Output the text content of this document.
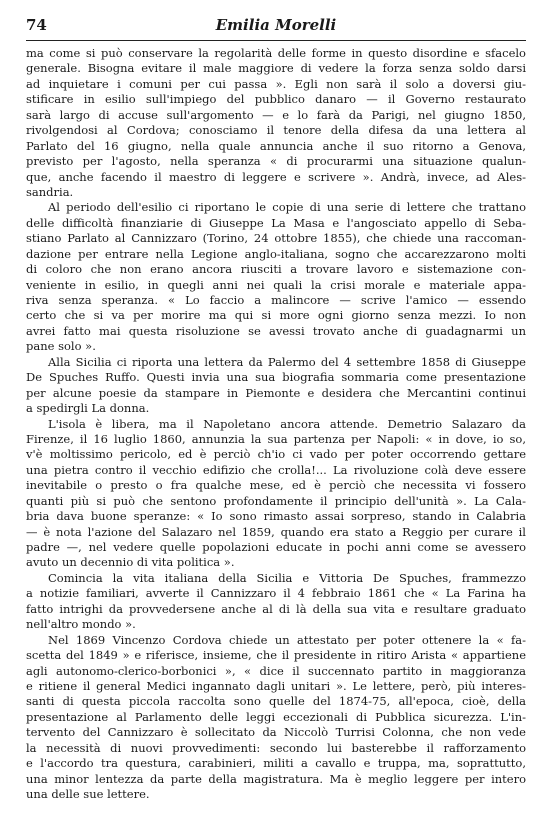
74	Emilia Morelli
ma come si può conservare la regolarità delle forme in questo disordine e sfacelo
generale. Bisogna evitare il male maggiore di vedere la forza senza soldo darsi
ad inquietare i comuni per cui passa ». Egli non sarà il solo a doversi giu-
stificare in esilio sull'impiego del pubblico danaro — il Governo restaurato
sarà largo di accuse sull'argomento — e lo farà da Parigi, nel giugno 1850,
rivolgendosi al Cordova; conosciamo il tenore della difesa da una lettera al
Parlato del 16 giugno, nella quale annuncia anche il suo ritorno a Genova,
previsto per l'agosto, nella speranza « di procurarmi una situazione qualun-
que, anche facendo il maestro di leggere e scrivere ». Andrà, invece, ad Ales-
sandria.
Al periodo dell'esilio ci riportano le copie di una serie di lettere che trattano
delle difficoltà finanziarie di Giuseppe La Masa e l'angosciato appello di Seba-
stiano Parlato al Cannizzaro (Torino, 24 ottobre 1855), che chiede una raccoman-
dazione per entrare nella Legione anglo-italiana, sogno che accarezzarono molti
di coloro che non erano ancora riusciti a trovare lavoro e sistemazione con-
veniente in esilio, in quegli anni nei quali la crisi morale e materiale appa-
riva senza speranza. « Lo faccio a malincore — scrive l'amico — essendo
certo che si va per morire ma qui si more ogni giorno senza mezzi. Io non
avrei fatto mai questa risoluzione se avessi trovato anche di guadagnarmi un
pane solo ».
Alla Sicilia ci riporta una lettera da Palermo del 4 settembre 1858 di Giuseppe
De Spuches Ruffo. Questi invia una sua biografia sommaria come presentazione
per alcune poesie da stampare in Piemonte e desidera che Mercantini continui
a spedirgli La donna.
L'isola è libera, ma il Napoletano ancora attende. Demetrio Salazaro da
Firenze, il 16 luglio 1860, annunzia la sua partenza per Napoli: « in dove, io so,
v'è moltissimo pericolo, ed è perciò ch'io ci vado per poter occorrendo gettare
una pietra contro il vecchio edifizio che crolla!... La rivoluzione colà deve essere
inevitabile o presto o fra qualche mese, ed è perciò che necessita vi fossero
quanti più si può che sentono profondamente il principio dell'unità ». La Cala-
bria dava buone speranze: « Io sono rimasto assai sorpreso, stando in Calabria
— è nota l'azione del Salazaro nel 1859, quando era stato a Reggio per curare il
padre —, nel vedere quelle popolazioni educate in pochi anni come se avessero
avuto un decennio di vita politica ».
Comincia la vita italiana della Sicilia e Vittoria De Spuches, frammezzo
a notizie familiari, avverte il Cannizzaro il 4 febbraio 1861 che « La Farina ha
fatto intrighi da provvedersene anche al di là della sua vita e resultare graduato
nell'altro mondo ».
Nel 1869 Vincenzo Cordova chiede un attestato per poter ottenere la « fa-
scetta del 1849 » e riferisce, insieme, che il presidente in ritiro Arista « appartiene
agli autonomo-clerico-borbonici », « dice il succennato partito in maggioranza
e ritiene il general Medici ingannato dagli unitari ». Le lettere, però, più interes-
santi di questa piccola raccolta sono quelle del 1874-75, all'epoca, cioè, della
presentazione al Parlamento delle leggi eccezionali di Pubblica sicurezza. L'in-
tervento del Cannizzaro è sollecitato da Niccolò Turrisi Colonna, che non vede
la necessità di nuovi provvedimenti: secondo lui basterebbe il rafforzamento
e l'accordo tra questura, carabinieri, militi a cavallo e truppa, ma, soprattutto,
una minor lentezza da parte della magistratura. Ma è meglio leggere per intero
una delle sue lettere.
